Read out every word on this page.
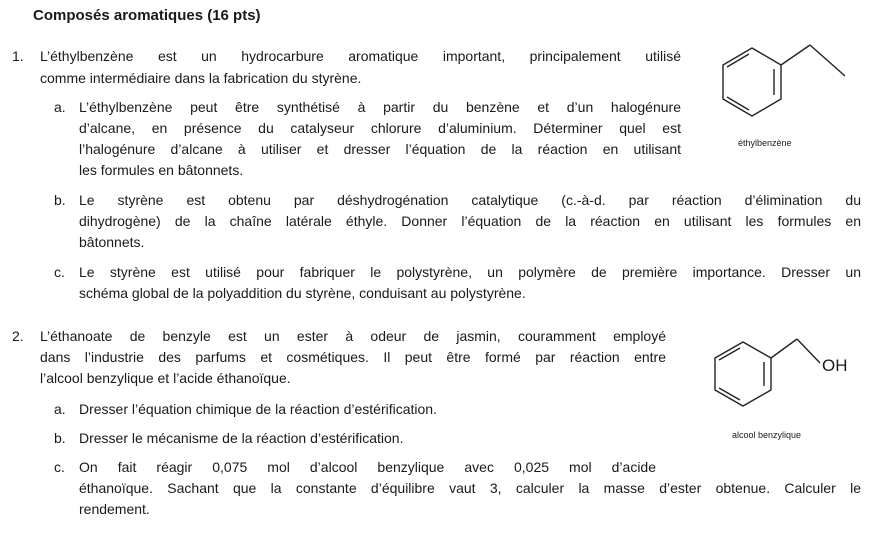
Composés aromatiques (16 pts)
1. L’éthylbenzène est un hydrocarbure aromatique important, principalement utilisé
comme intermédiaire dans la fabrication du styrène.
a. L’éthylbenzène peut être synthétisé à partir du benzène et d’un halogénure
d’alcane, en présence du catalyseur chlorure d’aluminium. Déterminer quel est
l’halogénure d’alcane à utiliser et dresser l’équation de la réaction en utilisant
les formules en bâtonnets.
b. Le styrène est obtenu par déshydrogénation catalytique (c.-à-d. par réaction d’élimination du
dihydrogène) de la chaîne latérale éthyle. Donner l’équation de la réaction en utilisant les formules en
bâtonnets.
c. Le styrène est utilisé pour fabriquer le polystyrène, un polymère de première importance. Dresser un
schéma global de la polyaddition du styrène, conduisant au polystyrène.
éthylbenzène
2. L’éthanoate de benzyle est un ester à odeur de jasmin, couramment employé
dans l’industrie des parfums et cosmétiques. Il peut être formé par réaction entre
l’alcool benzylique et l’acide éthanoïque.
a. Dresser l’équation chimique de la réaction d’estérification.
b. Dresser le mécanisme de la réaction d’estérification.
c. On fait réagir 0,075 mol d’alcool benzylique avec 0,025 mol d’acide
éthanoïque. Sachant que la constante d’équilibre vaut 3, calculer la masse d’ester obtenue. Calculer le
rendement.
OH
alcool benzylique
